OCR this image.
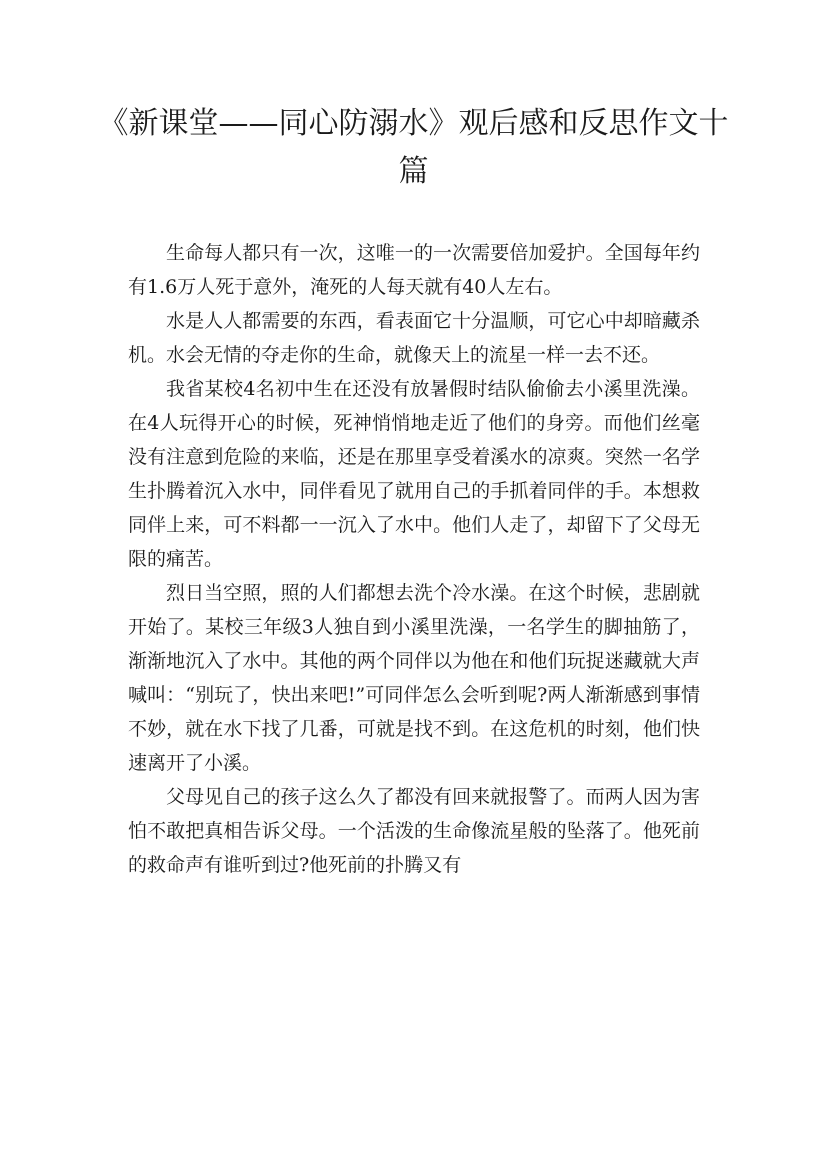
《新课堂——同心防溺水》观后感和反思作文十篇

生命每人都只有一次，这唯一的一次需要倍加爱护。全国每年约有1.6万人死于意外，淹死的人每天就有40人左右。

水是人人都需要的东西，看表面它十分温顺，可它心中却暗藏杀机。水会无情的夺走你的生命，就像天上的流星一样一去不还。

我省某校4名初中生在还没有放暑假时结队偷偷去小溪里洗澡。在4人玩得开心的时候，死神悄悄地走近了他们的身旁。而他们丝毫没有注意到危险的来临，还是在那里享受着溪水的凉爽。突然一名学生扑腾着沉入水中，同伴看见了就用自己的手抓着同伴的手。本想救同伴上来，可不料都一一沉入了水中。他们人走了，却留下了父母无限的痛苦。

烈日当空照，照的人们都想去洗个冷水澡。在这个时候，悲剧就开始了。某校三年级3人独自到小溪里洗澡，一名学生的脚抽筋了，渐渐地沉入了水中。其他的两个同伴以为他在和他们玩捉迷藏就大声喊叫：“别玩了，快出来吧!”可同伴怎么会听到呢?两人渐渐感到事情不妙，就在水下找了几番，可就是找不到。在这危机的时刻，他们快速离开了小溪。

父母见自己的孩子这么久了都没有回来就报警了。而两人因为害怕不敢把真相告诉父母。一个活泼的生命像流星般的坠落了。他死前的救命声有谁听到过?他死前的扑腾又有
